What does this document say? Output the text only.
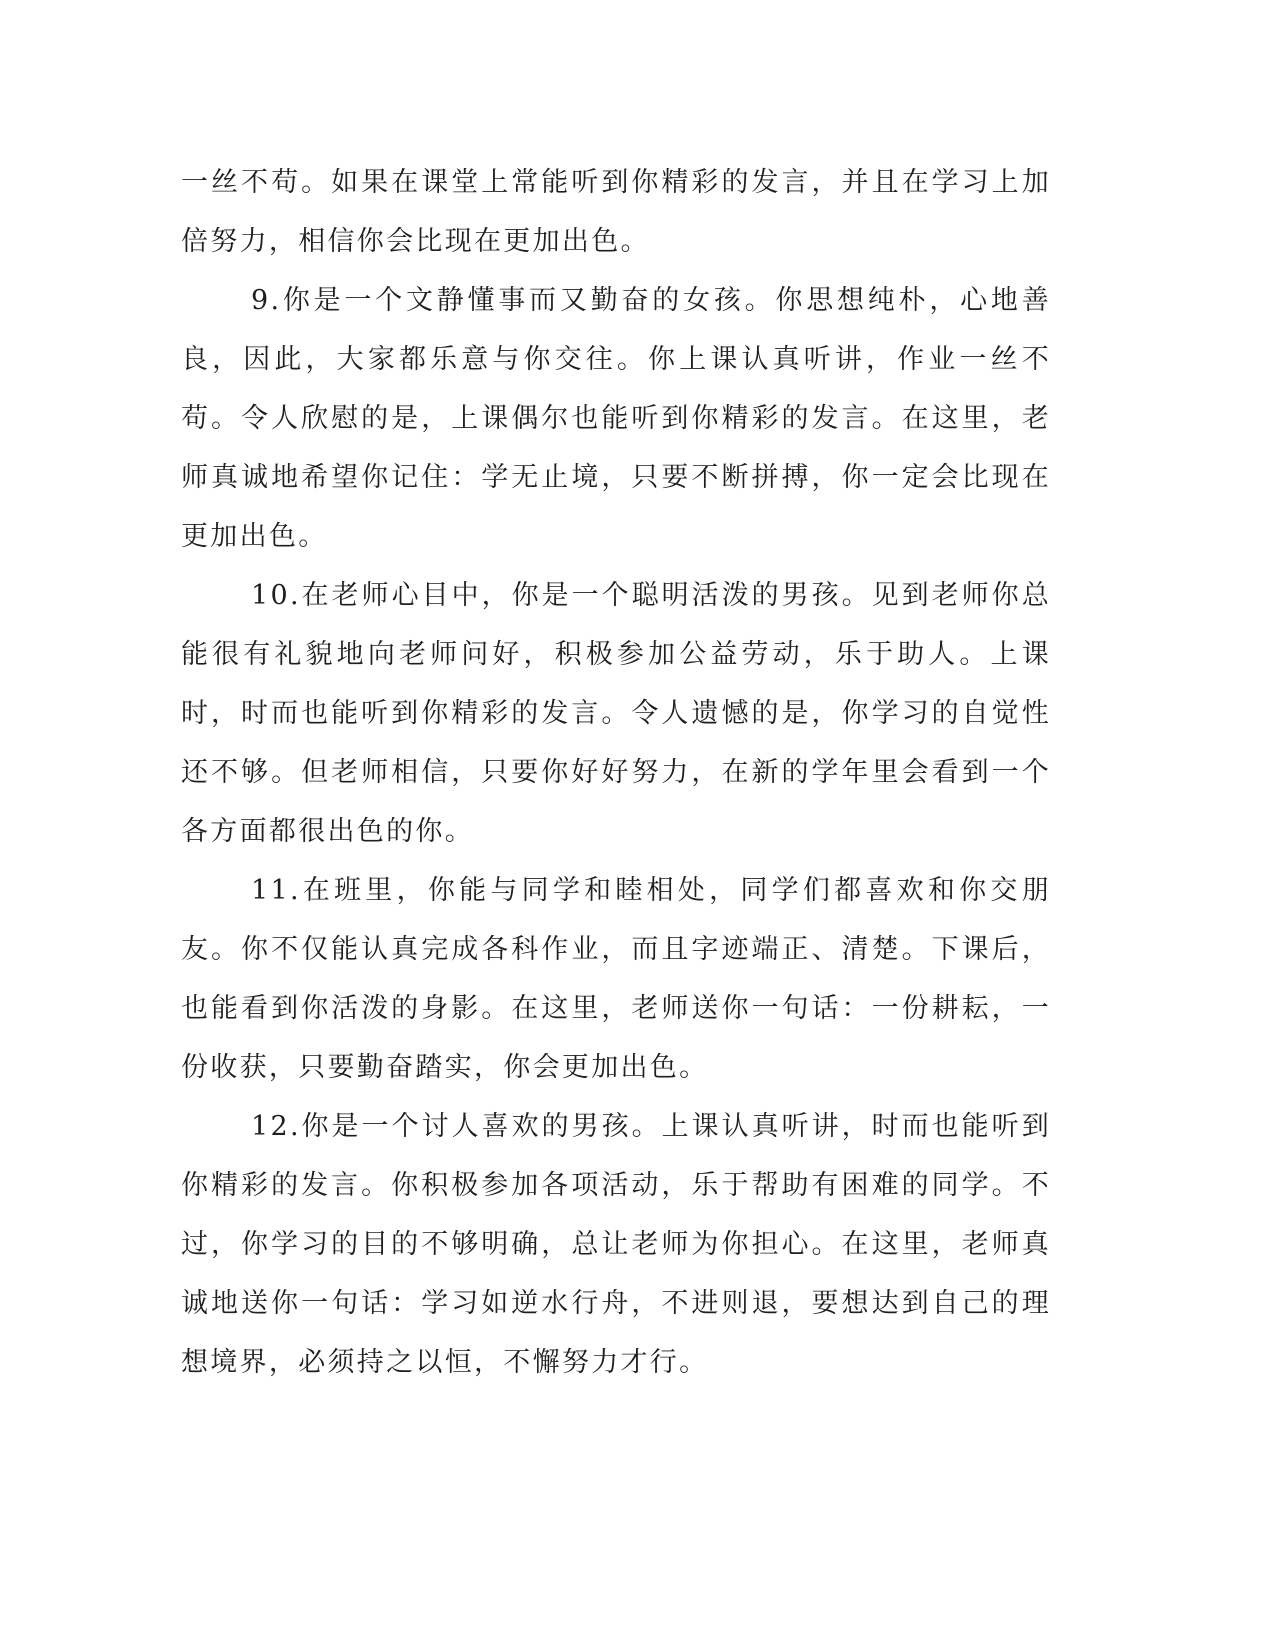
一丝不苟。如果在课堂上常能听到你精彩的发言，并且在学习上加倍努力，相信你会比现在更加出色。

9.你是一个文静懂事而又勤奋的女孩。你思想纯朴，心地善良，因此，大家都乐意与你交往。你上课认真听讲，作业一丝不苟。令人欣慰的是，上课偶尔也能听到你精彩的发言。在这里，老师真诚地希望你记住：学无止境，只要不断拼搏，你一定会比现在更加出色。

10.在老师心目中，你是一个聪明活泼的男孩。见到老师你总能很有礼貌地向老师问好，积极参加公益劳动，乐于助人。上课时，时而也能听到你精彩的发言。令人遗憾的是，你学习的自觉性还不够。但老师相信，只要你好好努力，在新的学年里会看到一个各方面都很出色的你。

11.在班里，你能与同学和睦相处，同学们都喜欢和你交朋友。你不仅能认真完成各科作业，而且字迹端正、清楚。下课后，也能看到你活泼的身影。在这里，老师送你一句话：一份耕耘，一份收获，只要勤奋踏实，你会更加出色。

12.你是一个讨人喜欢的男孩。上课认真听讲，时而也能听到你精彩的发言。你积极参加各项活动，乐于帮助有困难的同学。不过，你学习的目的不够明确，总让老师为你担心。在这里，老师真诚地送你一句话：学习如逆水行舟，不进则退，要想达到自己的理想境界，必须持之以恒，不懈努力才行。
